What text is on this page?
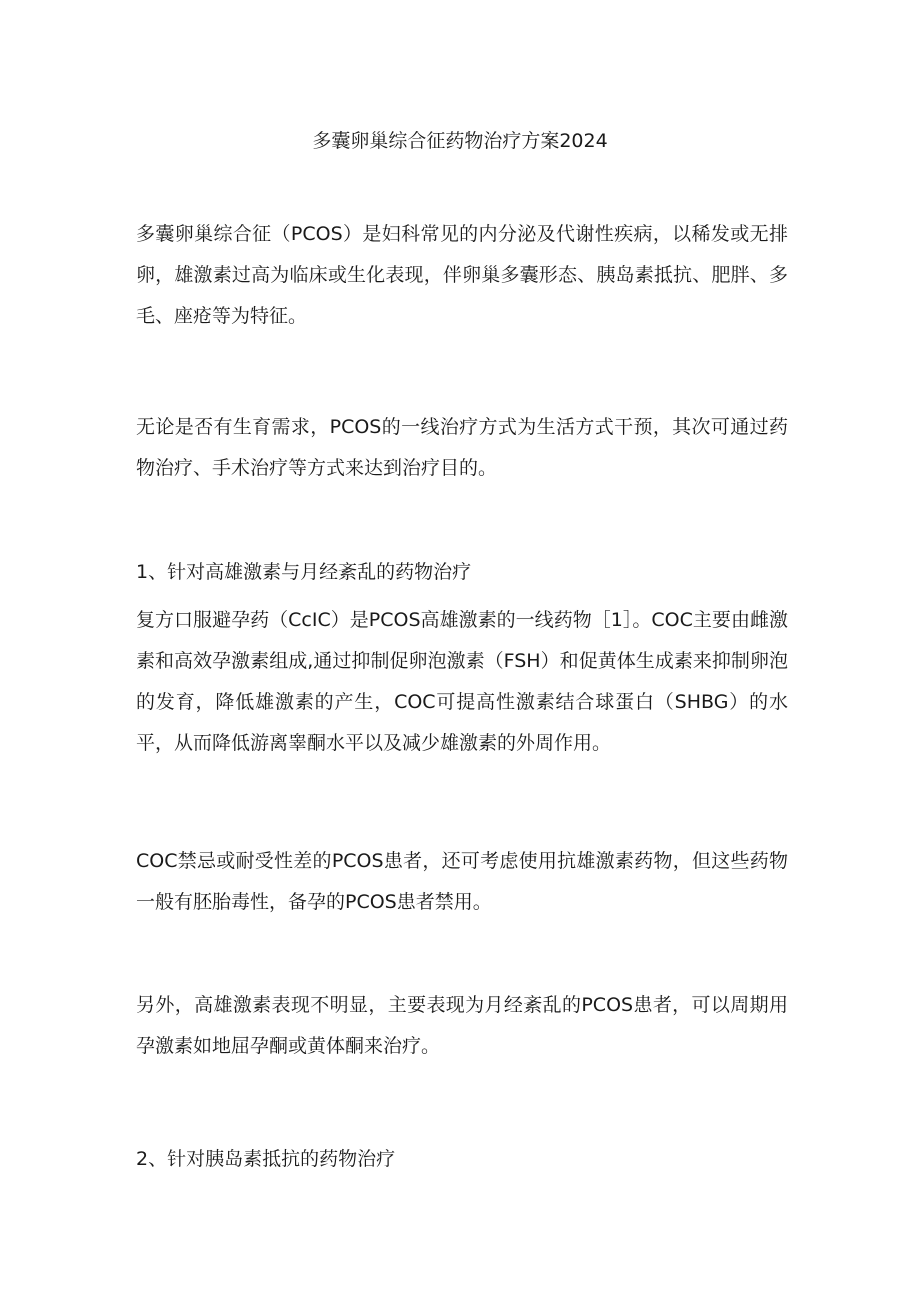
多囊卵巢综合征药物治疗方案2024

多囊卵巢综合征（PCOS）是妇科常见的内分泌及代谢性疾病，以稀发或无排卵，雄激素过高为临床或生化表现，伴卵巢多囊形态、胰岛素抵抗、肥胖、多毛、座疮等为特征。

无论是否有生育需求，PCOS的一线治疗方式为生活方式干预，其次可通过药物治疗、手术治疗等方式来达到治疗目的。

1、针对高雄激素与月经紊乱的药物治疗

复方口服避孕药（CcIC）是PCOS高雄激素的一线药物［1］。COC主要由雌激素和高效孕激素组成,通过抑制促卵泡激素（FSH）和促黄体生成素来抑制卵泡的发育，降低雄激素的产生，COC可提高性激素结合球蛋白（SHBG）的水平，从而降低游离睾酮水平以及减少雄激素的外周作用。

COC禁忌或耐受性差的PCOS患者，还可考虑使用抗雄激素药物，但这些药物一般有胚胎毒性，备孕的PCOS患者禁用。

另外，高雄激素表现不明显，主要表现为月经紊乱的PCOS患者，可以周期用孕激素如地屈孕酮或黄体酮来治疗。

2、针对胰岛素抵抗的药物治疗
